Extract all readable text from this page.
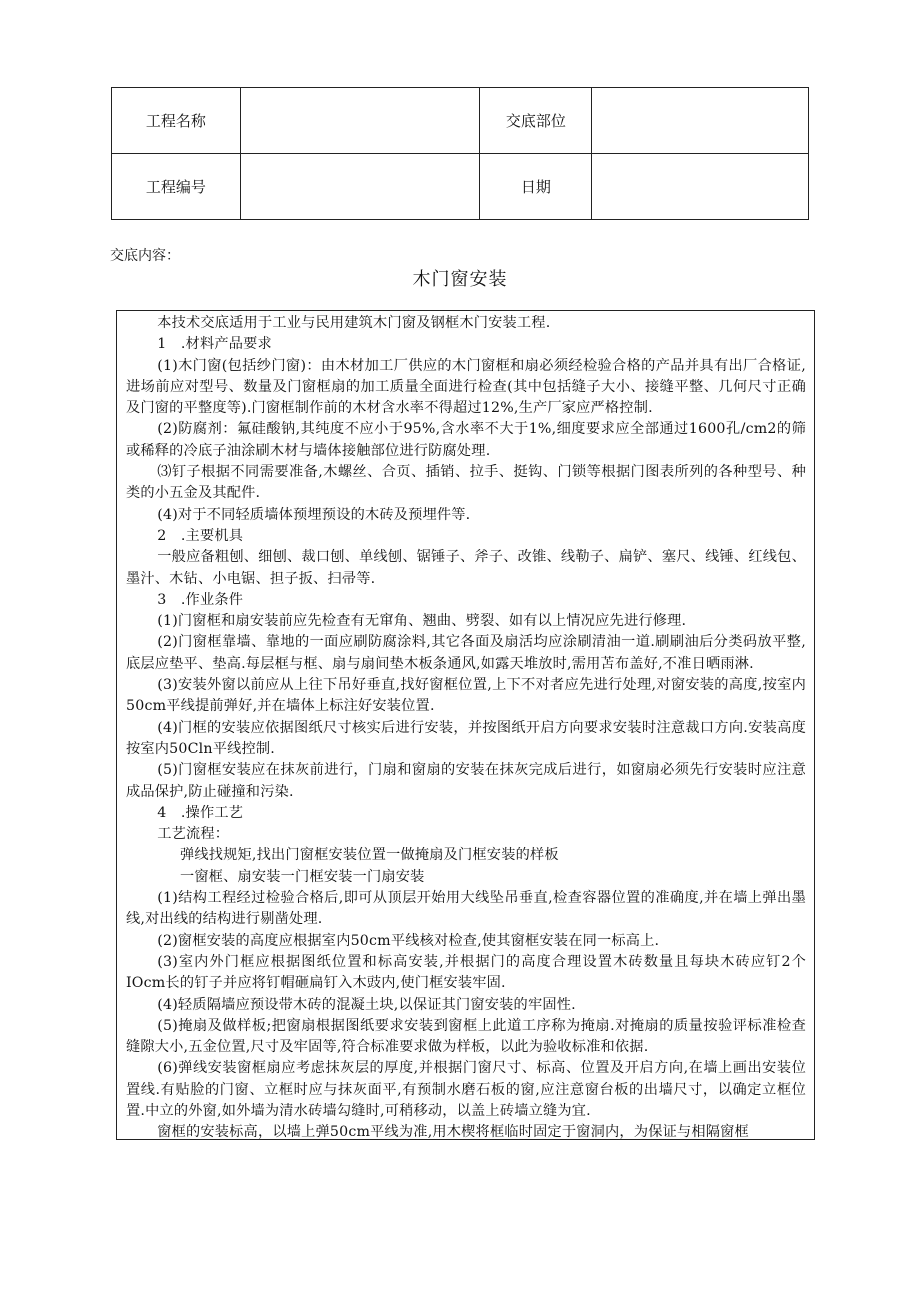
工程名称		交底部位	
工程编号		日期	
交底内容：
木门窗安装

本技术交底适用于工业与民用建筑木门窗及钢框木门安装工程.

1　.材料产品要求

(1)木门窗(包括纱门窗)：由木材加工厂供应的木门窗框和扇必须经检验合格的产品并具有出厂合格证,进场前应对型号、数量及门窗框扇的加工质量全面进行检查(其中包括缝子大小、接缝平整、几何尺寸正确及门窗的平整度等).门窗框制作前的木材含水率不得超过12%,生产厂家应严格控制.

(2)防腐剂：氟硅酸钠,其纯度不应小于95%,含水率不大于1%,细度要求应全部通过1600孔/cm2的筛或稀释的冷底子油涂刷木材与墙体接触部位进行防腐处理.

⑶钉子根据不同需要准备,木螺丝、合页、插销、拉手、挺钩、门锁等根据门图表所列的各种型号、种类的小五金及其配件.

(4)对于不同轻质墙体预埋预设的木砖及预埋件等.

2　.主要机具

一般应备粗刨、细刨、裁口刨、单线刨、锯锤子、斧子、改锥、线勒子、扁铲、塞尺、线锤、红线包、墨汁、木钻、小电锯、担子扳、扫帚等.

3　.作业条件

(1)门窗框和扇安装前应先检查有无窜角、翘曲、劈裂、如有以上情况应先进行修理.

(2)门窗框靠墙、靠地的一面应刷防腐涂料,其它各面及扇活均应涂刷清油一道.刷刷油后分类码放平整,底层应垫平、垫高.每层框与框、扇与扇间垫木板条通风,如露天堆放时,需用苫布盖好,不准日晒雨淋.

(3)安装外窗以前应从上往下吊好垂直,找好窗框位置,上下不对者应先进行处理,对窗安装的高度,按室内50cm平线提前弹好,并在墙体上标注好安装位置.

(4)门框的安装应依据图纸尺寸核实后进行安装，并按图纸开启方向要求安装时注意裁口方向.安装高度按室内50Cln平线控制.

(5)门窗框安装应在抹灰前进行，门扇和窗扇的安装在抹灰完成后进行，如窗扇必须先行安装时应注意成品保护,防止碰撞和污染.

4　.操作工艺

工艺流程：

弹线找规矩,找出门窗框安装位置一做掩扇及门框安装的样板

一窗框、扇安装一门框安装一门扇安装

(1)结构工程经过检验合格后,即可从顶层开始用大线坠吊垂直,检查容器位置的准确度,并在墙上弹出墨线,对出线的结构进行剔凿处理.

(2)窗框安装的高度应根据室内50cm平线核对检查,使其窗框安装在同一标高上.

(3)室内外门框应根据图纸位置和标高安装,并根据门的高度合理设置木砖数量且每块木砖应钉2个IOcm长的钉子并应将钉帽砸扁钉入木豉内,使门框安装牢固.

(4)轻质隔墙应预设带木砖的混凝土块,以保证其门窗安装的牢固性.

(5)掩扇及做样板;把窗扇根据图纸要求安装到窗框上此道工序称为掩扇.对掩扇的质量按验评标准检查缝隙大小,五金位置,尺寸及牢固等,符合标准要求做为样板，以此为验收标准和依据.

(6)弹线安装窗框扇应考虑抹灰层的厚度,并根据门窗尺寸、标高、位置及开启方向,在墙上画出安装位置线.有贴脸的门窗、立框时应与抹灰面平,有预制水磨石板的窗,应注意窗台板的出墙尺寸，以确定立框位置.中立的外窗,如外墙为清水砖墙勾缝时,可稍移动，以盖上砖墙立缝为宜.

窗框的安装标高，以墙上弹50cm平线为准,用木楔将框临时固定于窗洞内，为保证与相隔窗框
